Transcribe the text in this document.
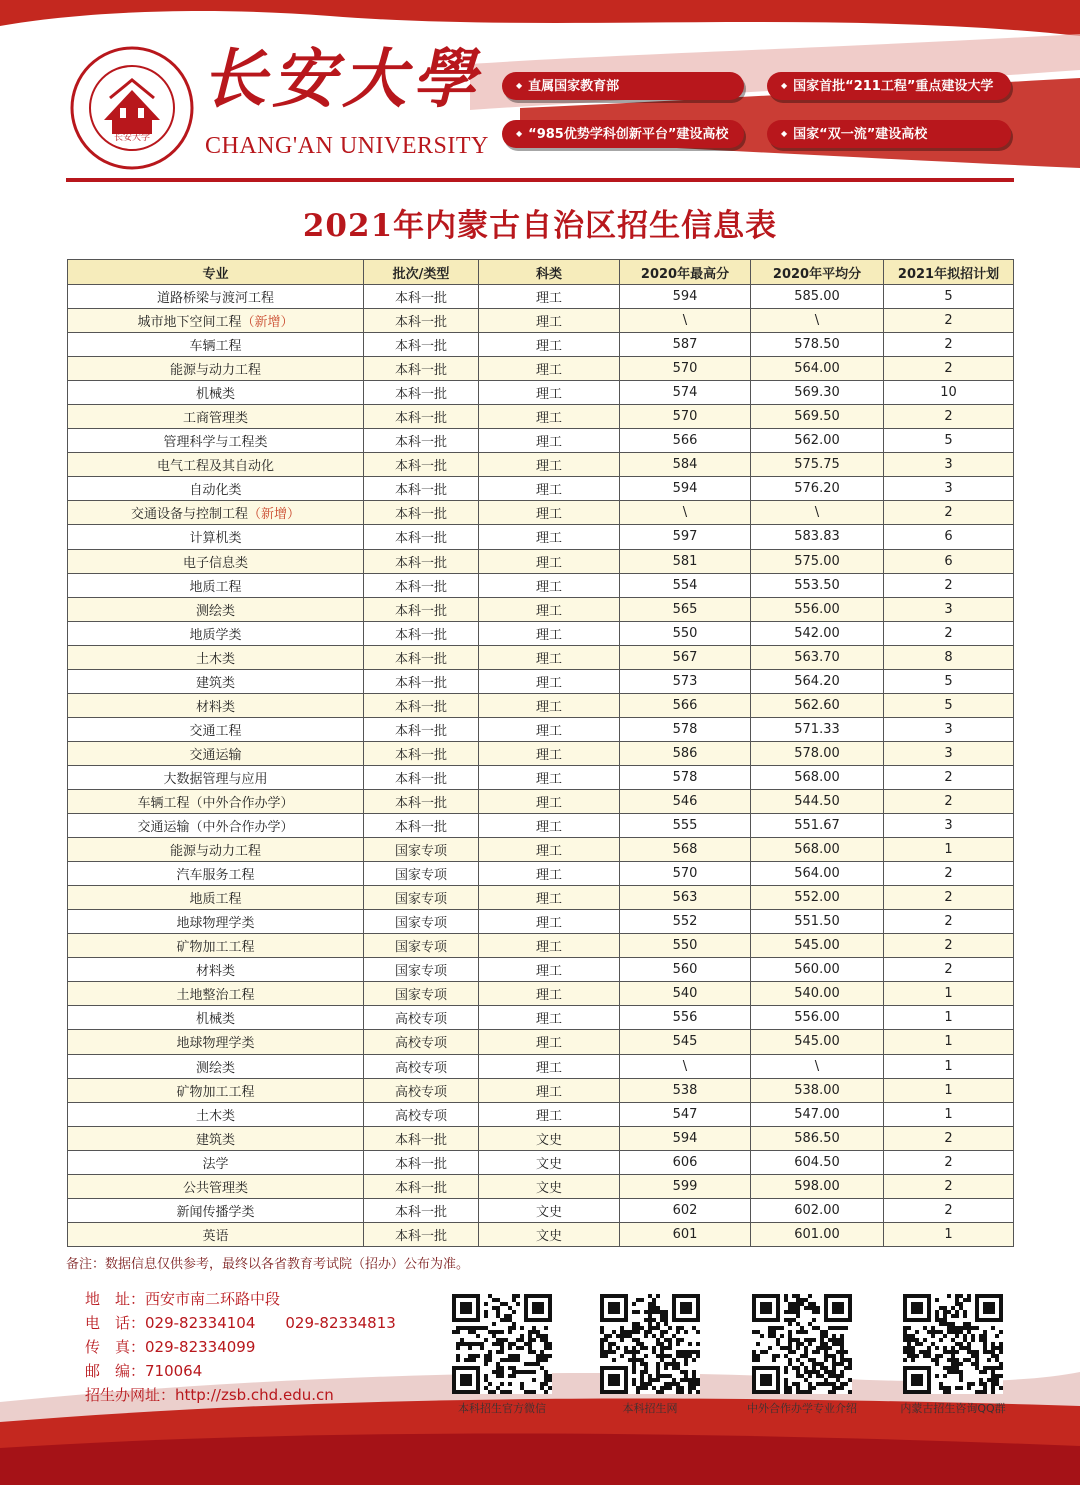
长安大学
长安大學
CHANG'AN UNIVERSITY
◆ 直属国家教育部	◆ 国家首批“211工程”重点建设大学
◆ “985优势学科创新平台”建设高校	◆ 国家“双一流”建设高校
2021年内蒙古自治区招生信息表
专业	批次/类型	科类	2020年最高分	2020年平均分	2021年拟招计划
道路桥梁与渡河工程	本科一批	理工	594	585.00	5
城市地下空间工程（新增）	本科一批	理工	\	\	2
车辆工程	本科一批	理工	587	578.50	2
能源与动力工程	本科一批	理工	570	564.00	2
机械类	本科一批	理工	574	569.30	10
工商管理类	本科一批	理工	570	569.50	2
管理科学与工程类	本科一批	理工	566	562.00	5
电气工程及其自动化	本科一批	理工	584	575.75	3
自动化类	本科一批	理工	594	576.20	3
交通设备与控制工程（新增）	本科一批	理工	\	\	2
计算机类	本科一批	理工	597	583.83	6
电子信息类	本科一批	理工	581	575.00	6
地质工程	本科一批	理工	554	553.50	2
测绘类	本科一批	理工	565	556.00	3
地质学类	本科一批	理工	550	542.00	2
土木类	本科一批	理工	567	563.70	8
建筑类	本科一批	理工	573	564.20	5
材料类	本科一批	理工	566	562.60	5
交通工程	本科一批	理工	578	571.33	3
交通运输	本科一批	理工	586	578.00	3
大数据管理与应用	本科一批	理工	578	568.00	2
车辆工程（中外合作办学）	本科一批	理工	546	544.50	2
交通运输（中外合作办学）	本科一批	理工	555	551.67	3
能源与动力工程	国家专项	理工	568	568.00	1
汽车服务工程	国家专项	理工	570	564.00	2
地质工程	国家专项	理工	563	552.00	2
地球物理学类	国家专项	理工	552	551.50	2
矿物加工工程	国家专项	理工	550	545.00	2
材料类	国家专项	理工	560	560.00	2
土地整治工程	国家专项	理工	540	540.00	1
机械类	高校专项	理工	556	556.00	1
地球物理学类	高校专项	理工	545	545.00	1
测绘类	高校专项	理工	\	\	1
矿物加工工程	高校专项	理工	538	538.00	1
土木类	高校专项	理工	547	547.00	1
建筑类	本科一批	文史	594	586.50	2
法学	本科一批	文史	606	604.50	2
公共管理类	本科一批	文史	599	598.00	2
新闻传播学类	本科一批	文史	602	602.00	2
英语	本科一批	文史	601	601.00	1
备注：数据信息仅供参考，最终以各省教育考试院（招办）公布为准。
地　址：西安市南二环路中段
电　话：029-82334104　　029-82334813
传　真：029-82334099
邮　编：710064
招生办网址：http://zsb.chd.edu.cn
本科招生官方微信	本科招生网	中外合作办学专业介绍	内蒙古招生咨询QQ群
